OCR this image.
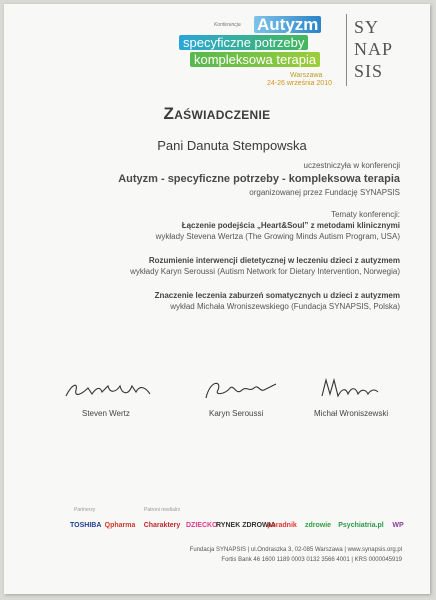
Konferencja Autyzm
specyficzne potrzeby
kompleksowa terapia
Warszawa
24-26 września 2010
SY
NAP
SIS
Zaświadczenie
Pani Danuta Stempowska
uczestniczyła w konferencji
Autyzm - specyficzne potrzeby - kompleksowa terapia
organizowanej przez Fundację SYNAPSIS
Tematy konferencji:
Łączenie podejścia „Heart&Soul” z metodami klinicznymi
wykłady Stevena Wertza (The Growing Minds Autism Program, USA)
Rozumienie interwencji dietetycznej w leczeniu dzieci z autyzmem
wykłady Karyn Seroussi (Autism Network for Dietary Intervention, Norwegia)
Znaczenie leczenia zaburzeń somatycznych u dzieci z autyzmem
wykład Michała Wroniszewskiego (Fundacja SYNAPSIS, Polska)
Steven Wertz	Karyn Seroussi	Michał Wroniszewski
Partnerzy	Patroni medialni
TOSHIBA Qpharma	Charaktery DZIECKO
RYNEK ZDROWIA
poradnik	zdrowie	Psychiatria.pl	WP
Fundacja SYNAPSIS | ul.Ondraszka 3, 02-085 Warszawa | www.synapsis.org.pl
Fortis Bank 46 1600 1189 0003 0132 3566 4001 | KRS 0000045919
